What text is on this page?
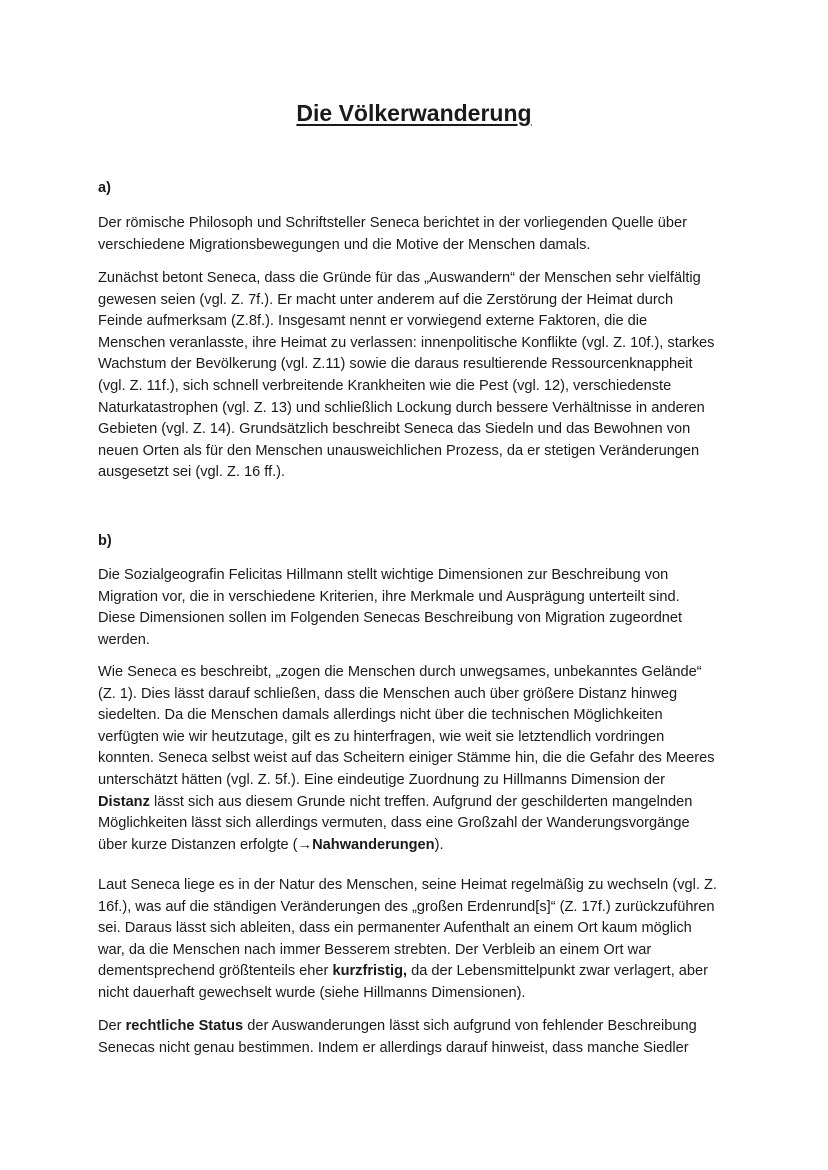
Die Völkerwanderung

a)

Der römische Philosoph und Schriftsteller Seneca berichtet in der vorliegenden Quelle über verschiedene Migrationsbewegungen und die Motive der Menschen damals.

Zunächst betont Seneca, dass die Gründe für das „Auswandern“ der Menschen sehr vielfältig gewesen seien (vgl. Z. 7f.). Er macht unter anderem auf die Zerstörung der Heimat durch Feinde aufmerksam (Z.8f.). Insgesamt nennt er vorwiegend externe Faktoren, die die Menschen veranlasste, ihre Heimat zu verlassen: innenpolitische Konflikte (vgl. Z. 10f.), starkes Wachstum der Bevölkerung (vgl. Z.11) sowie die daraus resultierende Ressourcenknappheit (vgl. Z. 11f.), sich schnell verbreitende Krankheiten wie die Pest (vgl. 12), verschiedenste Naturkatastrophen (vgl. Z. 13) und schließlich Lockung durch bessere Verhältnisse in anderen Gebieten (vgl. Z. 14). Grundsätzlich beschreibt Seneca das Siedeln und das Bewohnen von neuen Orten als für den Menschen unausweichlichen Prozess, da er stetigen Veränderungen ausgesetzt sei (vgl. Z. 16 ff.).

b)

Die Sozialgeografin Felicitas Hillmann stellt wichtige Dimensionen zur Beschreibung von Migration vor, die in verschiedene Kriterien, ihre Merkmale und Ausprägung unterteilt sind. Diese Dimensionen sollen im Folgenden Senecas Beschreibung von Migration zugeordnet werden.

Wie Seneca es beschreibt, „zogen die Menschen durch unwegsames, unbekanntes Gelände“ (Z. 1). Dies lässt darauf schließen, dass die Menschen auch über größere Distanz hinweg siedelten. Da die Menschen damals allerdings nicht über die technischen Möglichkeiten verfügten wie wir heutzutage, gilt es zu hinterfragen, wie weit sie letztendlich vordringen konnten. Seneca selbst weist auf das Scheitern einiger Stämme hin, die die Gefahr des Meeres unterschätzt hätten (vgl. Z. 5f.). Eine eindeutige Zuordnung zu Hillmanns Dimension der Distanz lässt sich aus diesem Grunde nicht treffen. Aufgrund der geschilderten mangelnden Möglichkeiten lässt sich allerdings vermuten, dass eine Großzahl der Wanderungsvorgänge über kurze Distanzen erfolgte (→Nahwanderungen).

Laut Seneca liege es in der Natur des Menschen, seine Heimat regelmäßig zu wechseln (vgl. Z. 16f.), was auf die ständigen Veränderungen des „großen Erdenrund[s]“ (Z. 17f.) zurückzuführen sei. Daraus lässt sich ableiten, dass ein permanenter Aufenthalt an einem Ort kaum möglich war, da die Menschen nach immer Besserem strebten. Der Verbleib an einem Ort war dementsprechend größtenteils eher kurzfristig, da der Lebensmittelpunkt zwar verlagert, aber nicht dauerhaft gewechselt wurde (siehe Hillmanns Dimensionen).

Der rechtliche Status der Auswanderungen lässt sich aufgrund von fehlender Beschreibung Senecas nicht genau bestimmen. Indem er allerdings darauf hinweist, dass manche Siedler
